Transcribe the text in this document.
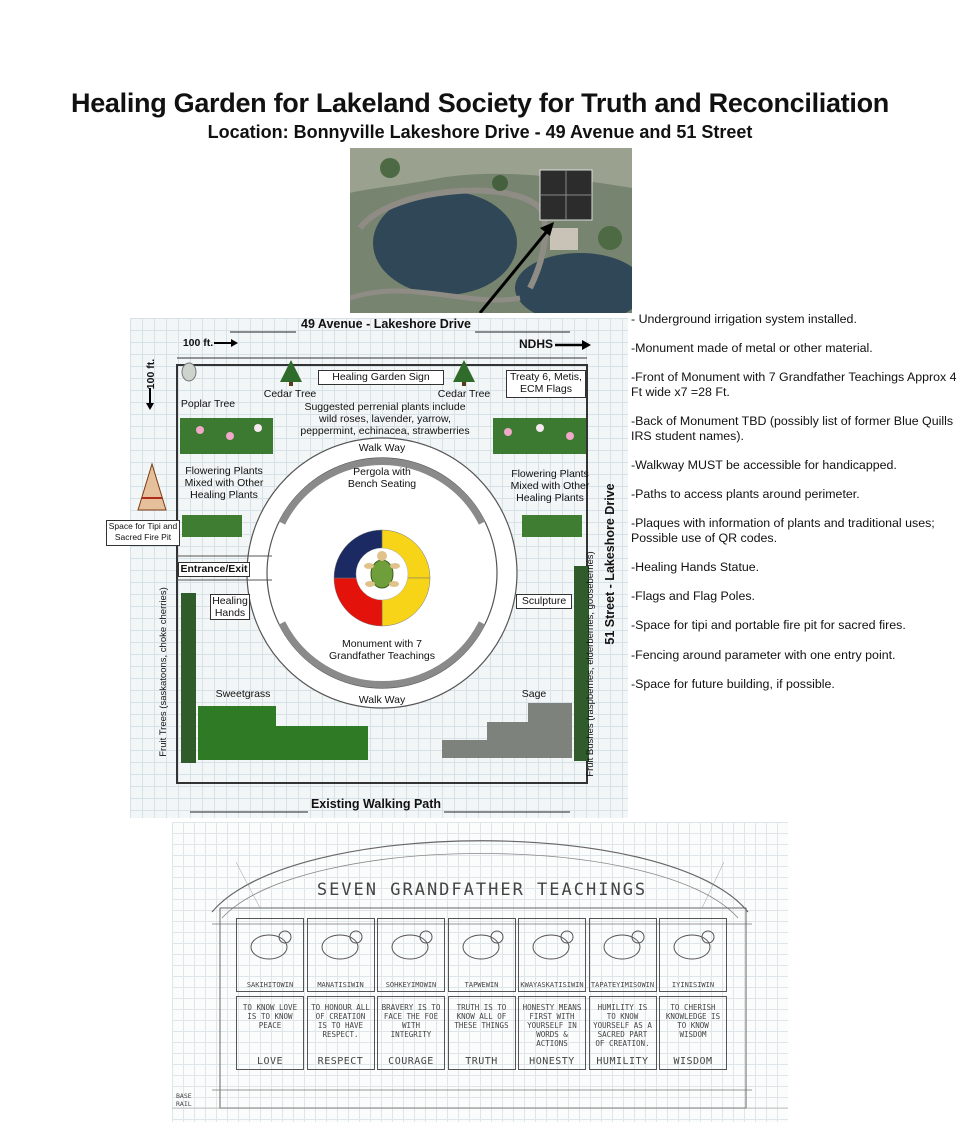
Healing Garden for Lakeland Society for Truth and Reconciliation
Location: Bonnyville Lakeshore Drive - 49 Avenue and 51 Street
49 Avenue - Lakeshore Drive
Existing Walking Path
51 Street - Lakeshore Drive
100 ft.
100 ft.
NDHS
Poplar Tree
Cedar Tree	Cedar Tree
Healing Garden Sign	Treaty 6, Metis, ECM Flags
Suggested perrenial plants include wild roses, lavender, yarrow, peppermint, echinacea, strawberries
Walk Way
Walk Way
Pergola with Bench Seating
Flowering Plants Mixed with Other Healing Plants
Flowering Plants Mixed with Other Healing Plants
Space for Tipi and Sacred Fire Pit
Entrance/Exit
Healing Hands
Sculpture
Monument with 7 Grandfather Teachings
Sweetgrass	Sage
Fruit Trees (saskatoons, choke cherries)	Fruit Bushes (raspberries, elderberries, gooseberries)

- Underground irrigation system installed.

-Monument made of metal or other material.

-Front of Monument with 7 Grandfather Teachings Approx 4 Ft wide x7 =28 Ft.

-Back of Monument TBD (possibly list of former Blue Quills IRS student names).

-Walkway MUST be accessible for handicapped.

-Paths to access plants around perimeter.

-Plaques with information of plants and traditional uses; Possible use of QR codes.

-Healing Hands Statue.

-Flags and Flag Poles.

-Space for tipi and portable fire pit for sacred fires.

-Fencing around parameter with one entry point.

-Space for future building, if possible.

SEVEN GRANDFATHER TEACHINGS
BASE RAIL
SAKIHITOWIN
TO KNOW LOVE IS TO KNOW PEACE
LOVE
MANATISIWIN
TO HONOUR ALL OF CREATION IS TO HAVE RESPECT.
RESPECT
SOHKEYIMOWIN
BRAVERY IS TO FACE THE FOE WITH INTEGRITY
COURAGE
TAPWEWIN
TRUTH IS TO KNOW ALL OF THESE THINGS
TRUTH
KWAYASKATISIWIN
HONESTY MEANS FIRST WITH YOURSELF IN WORDS & ACTIONS
HONESTY
TAPATEYIMISOWIN
HUMILITY IS TO KNOW YOURSELF AS A SACRED PART OF CREATION.
HUMILITY
IYINISIWIN
TO CHERISH KNOWLEDGE IS TO KNOW WISDOM
WISDOM
